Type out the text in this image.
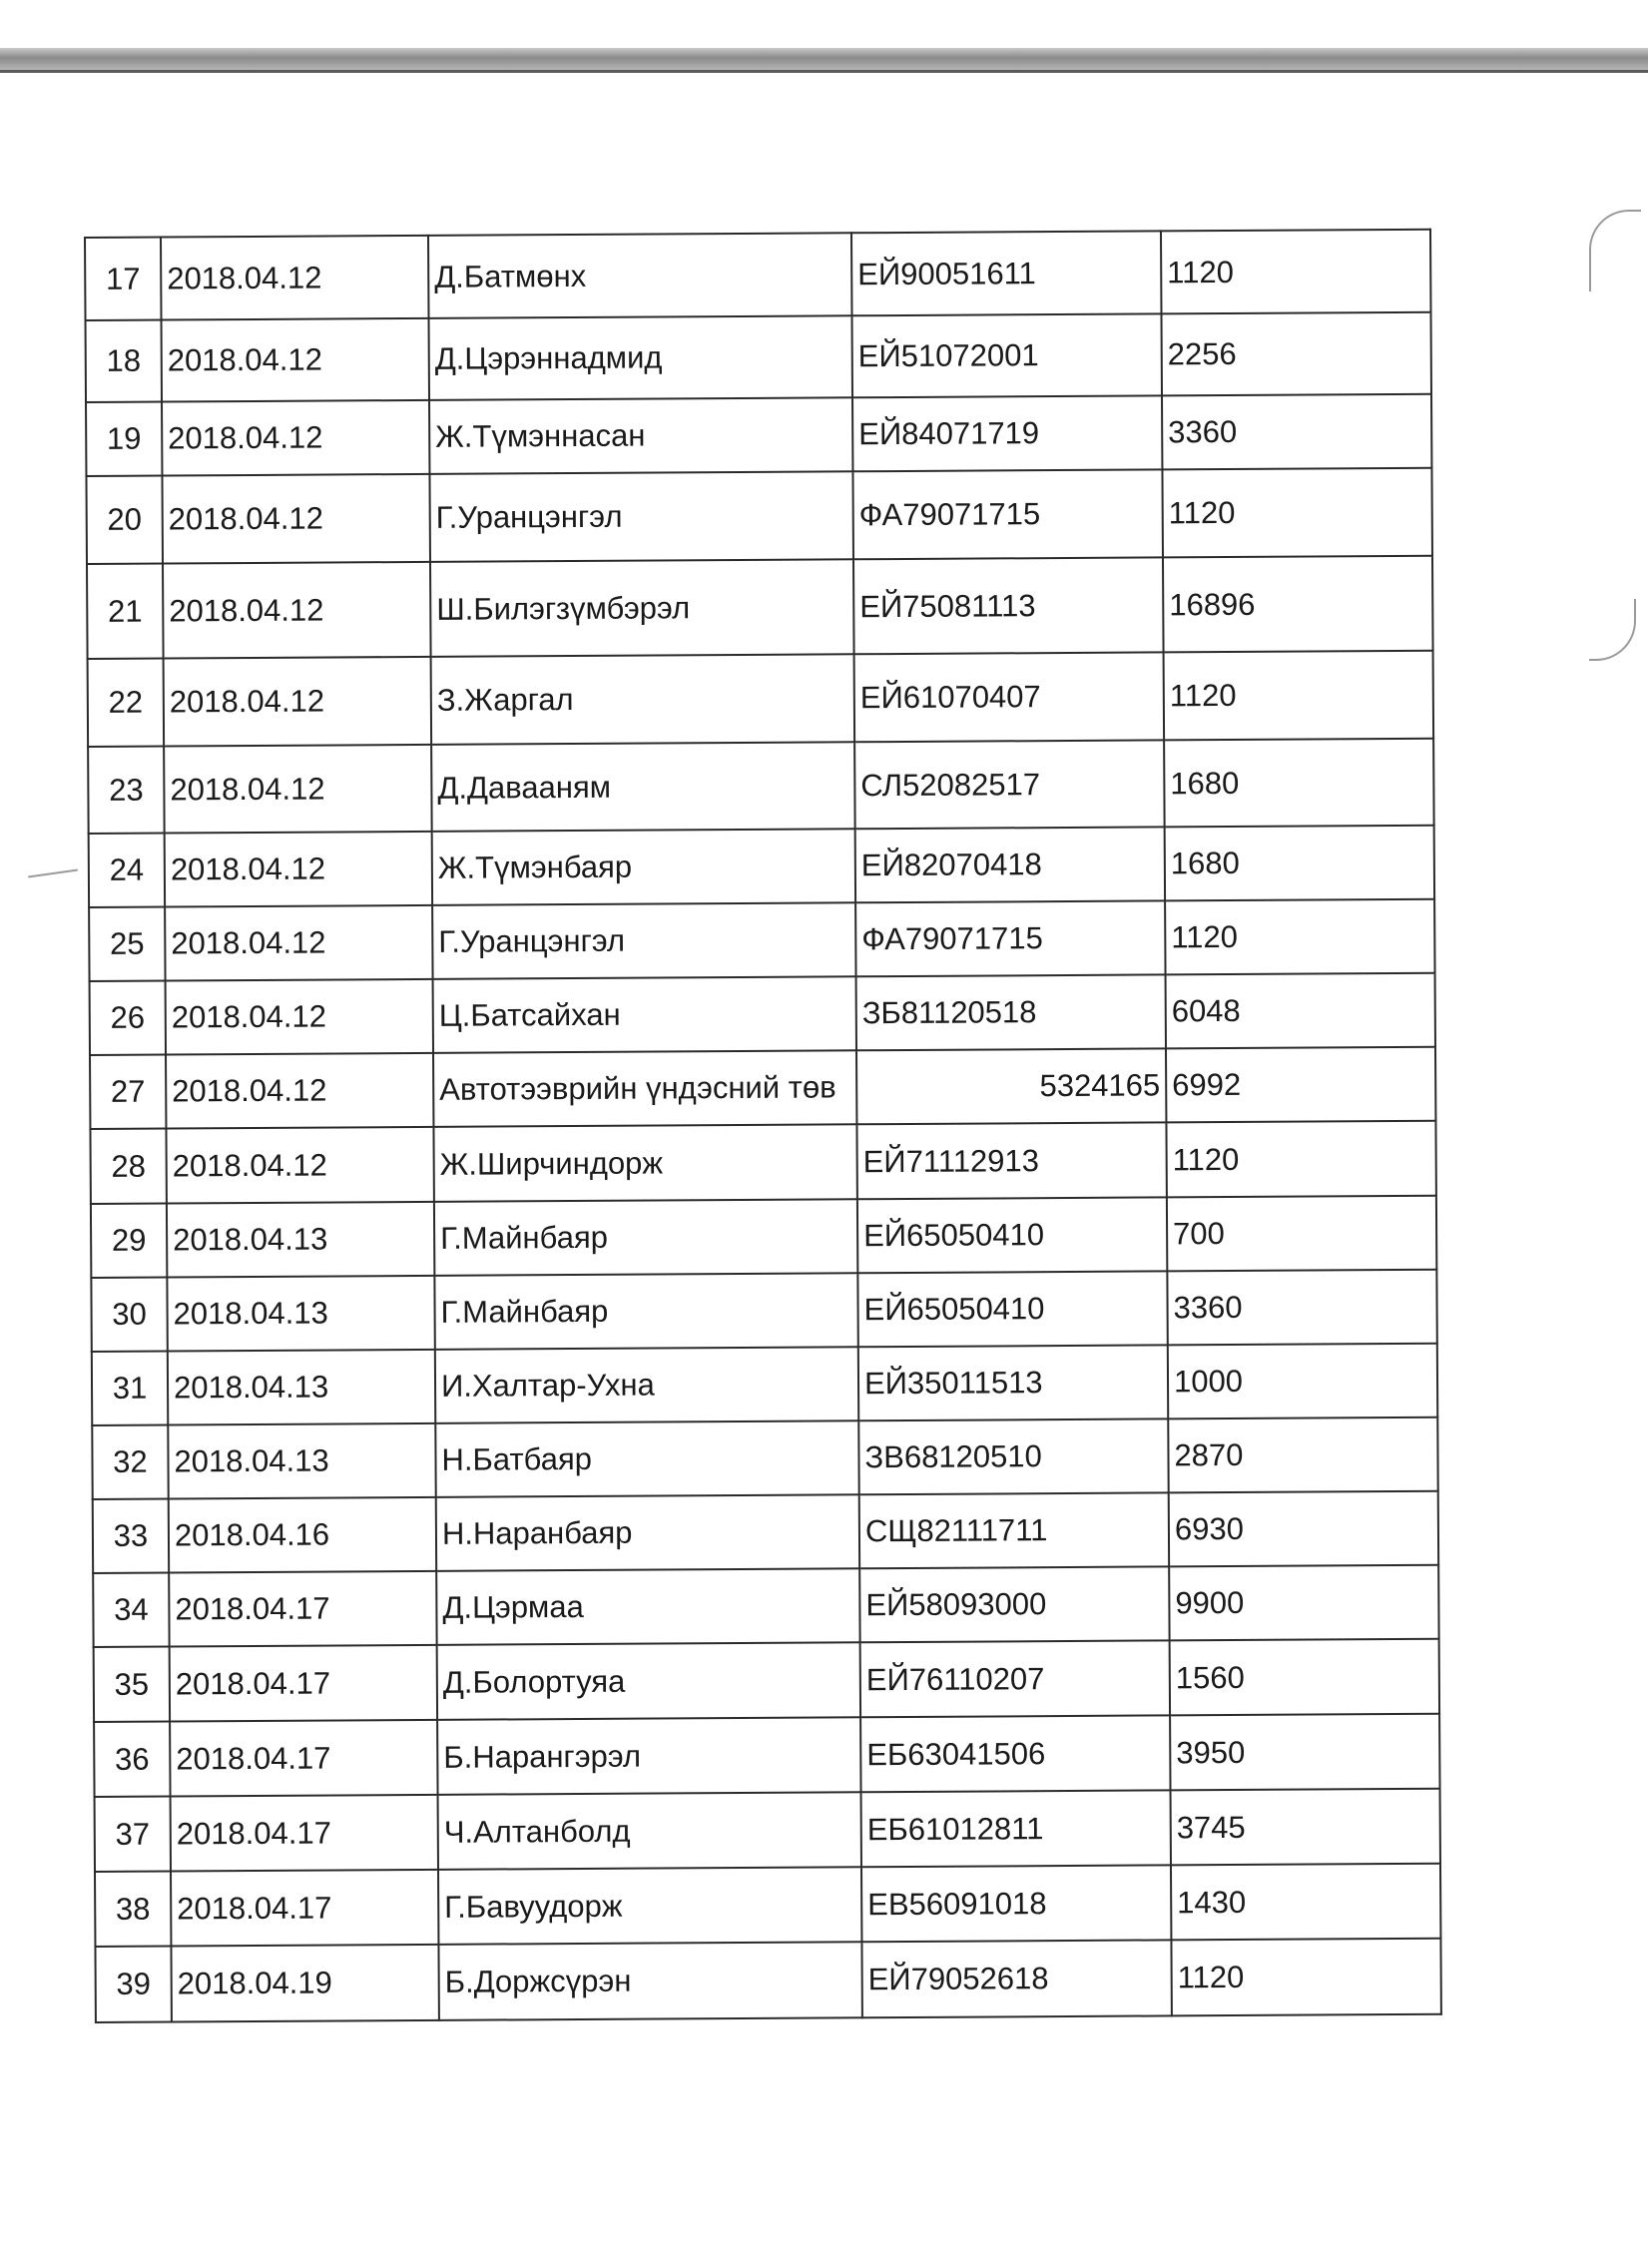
17	2018.04.12	Д.Батмөнх	ЕЙ90051611	1120
18	2018.04.12	Д.Цэрэннадмид	ЕЙ51072001	2256
19	2018.04.12	Ж.Түмэннасан	ЕЙ84071719	3360
20	2018.04.12	Г.Уранцэнгэл	ФА79071715	1120
21	2018.04.12	Ш.Билэгзүмбэрэл	ЕЙ75081113	16896
22	2018.04.12	З.Жаргал	ЕЙ61070407	1120
23	2018.04.12	Д.Давааням	СЛ52082517	1680
24	2018.04.12	Ж.Түмэнбаяр	ЕЙ82070418	1680
25	2018.04.12	Г.Уранцэнгэл	ФА79071715	1120
26	2018.04.12	Ц.Батсайхан	ЗБ81120518	6048
27	2018.04.12	Автотээврийн үндэсний төв	5324165	6992
28	2018.04.12	Ж.Ширчиндорж	ЕЙ71112913	1120
29	2018.04.13	Г.Майнбаяр	ЕЙ65050410	700
30	2018.04.13	Г.Майнбаяр	ЕЙ65050410	3360
31	2018.04.13	И.Халтар-Ухна	ЕЙ35011513	1000
32	2018.04.13	Н.Батбаяр	ЗВ68120510	2870
33	2018.04.16	Н.Наранбаяр	СЩ82111711	6930
34	2018.04.17	Д.Цэрмаа	ЕЙ58093000	9900
35	2018.04.17	Д.Болортуяа	ЕЙ76110207	1560
36	2018.04.17	Б.Нарангэрэл	ЕБ63041506	3950
37	2018.04.17	Ч.Алтанболд	ЕБ61012811	3745
38	2018.04.17	Г.Бавуудорж	ЕВ56091018	1430
39	2018.04.19	Б.Доржсүрэн	ЕЙ79052618	1120
